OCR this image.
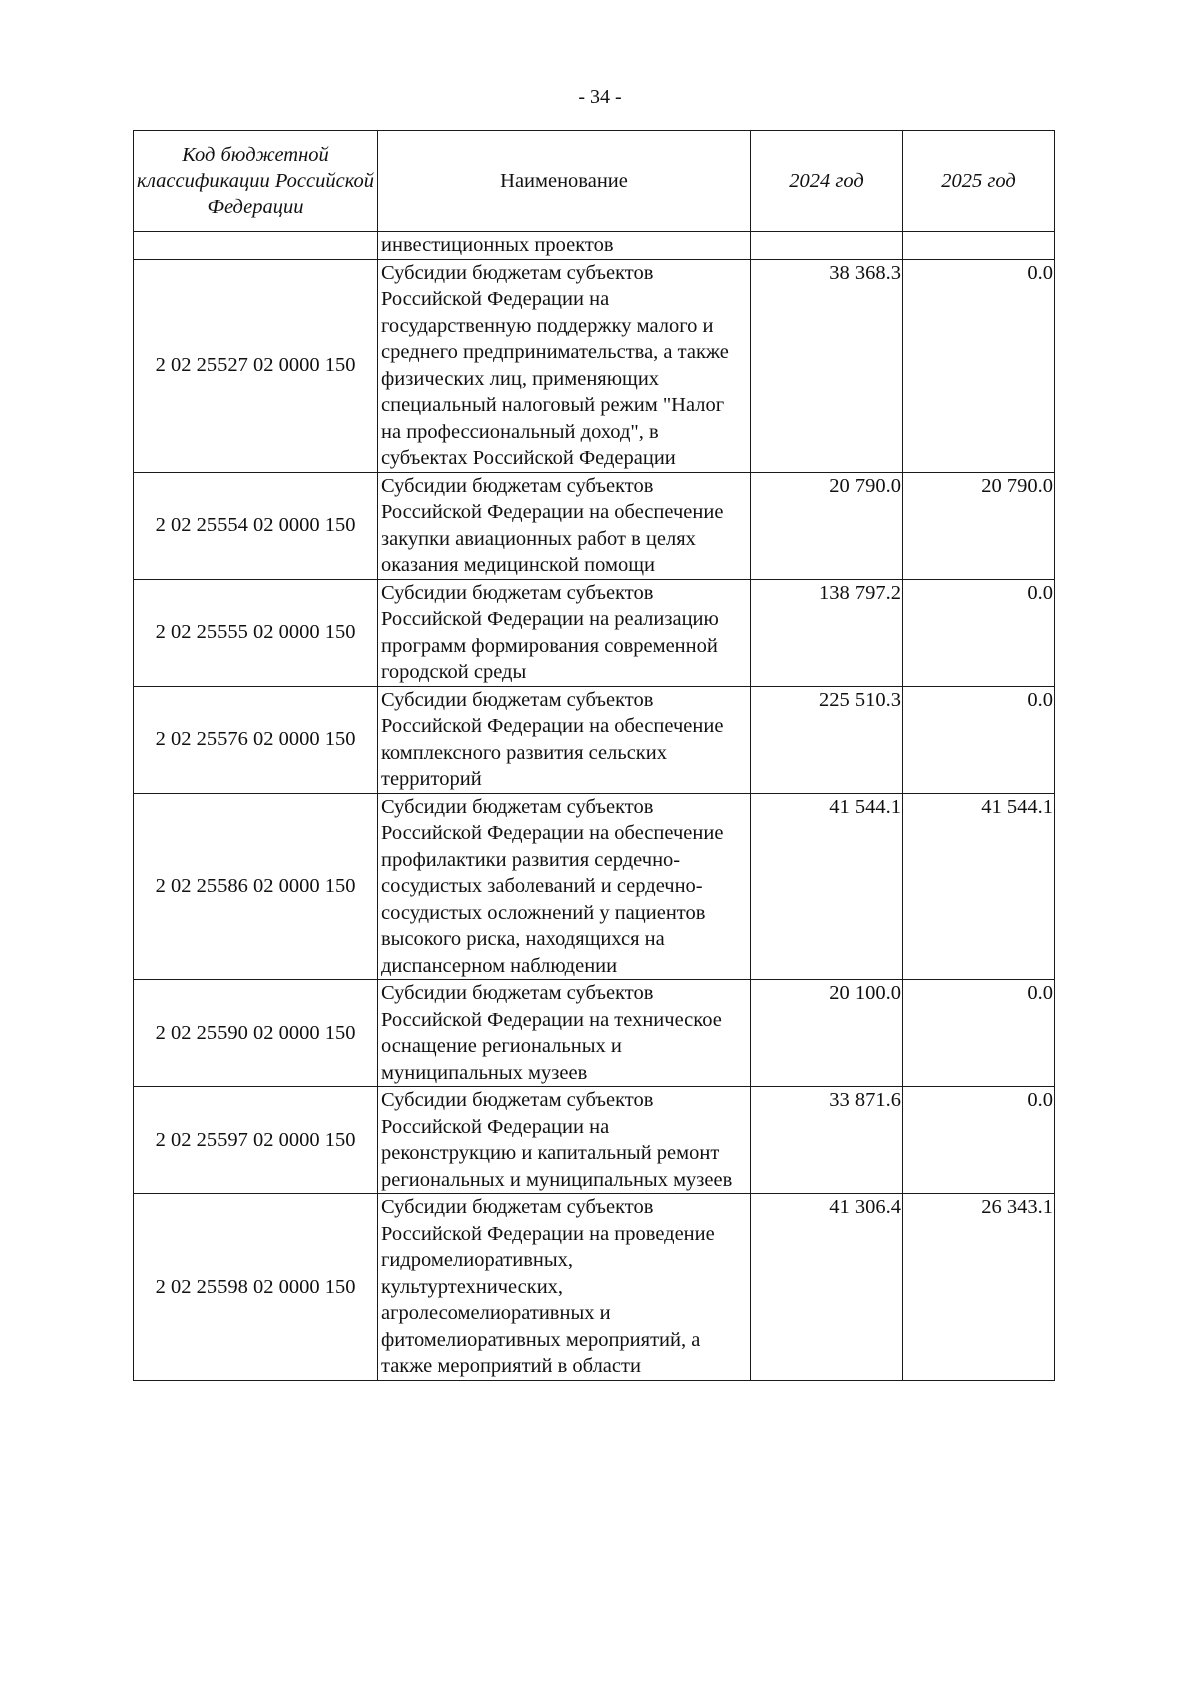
- 34 -
Код бюджетной классификации Российской Федерации	Наименование	2024 год	2025 год
	инвестиционных проектов		
2 02 25527 02 0000 150	Субсидии бюджетам субъектов Российской Федерации на государственную поддержку малого и среднего предпринимательства, а также физических лиц, применяющих специальный налоговый режим "Налог на профессиональный доход", в субъектах Российской Федерации	38 368.3	0.0
2 02 25554 02 0000 150	Субсидии бюджетам субъектов Российской Федерации на обеспечение закупки авиационных работ в целях оказания медицинской помощи	20 790.0	20 790.0
2 02 25555 02 0000 150	Субсидии бюджетам субъектов Российской Федерации на реализацию программ формирования современной городской среды	138 797.2	0.0
2 02 25576 02 0000 150	Субсидии бюджетам субъектов Российской Федерации на обеспечение комплексного развития сельских территорий	225 510.3	0.0
2 02 25586 02 0000 150	Субсидии бюджетам субъектов Российской Федерации на обеспечение профилактики развития сердечно-сосудистых заболеваний и сердечно-сосудистых осложнений у пациентов высокого риска, находящихся на диспансерном наблюдении	41 544.1	41 544.1
2 02 25590 02 0000 150	Субсидии бюджетам субъектов Российской Федерации на техническое оснащение региональных и муниципальных музеев	20 100.0	0.0
2 02 25597 02 0000 150	Субсидии бюджетам субъектов Российской Федерации на реконструкцию и капитальный ремонт региональных и муниципальных музеев	33 871.6	0.0
2 02 25598 02 0000 150	Субсидии бюджетам субъектов Российской Федерации на проведение гидромелиоративных, культуртехнических, агролесомелиоративных и фитомелиоративных мероприятий, а также мероприятий в области	41 306.4	26 343.1
